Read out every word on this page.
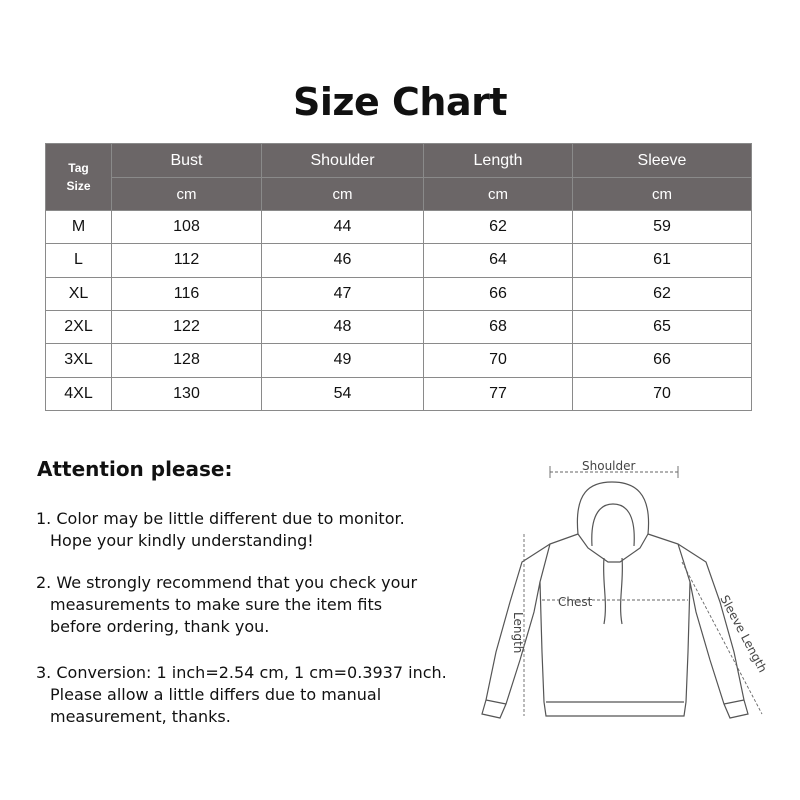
Size Chart
Tag
Size	Bust	Shoulder	Length	Sleeve
	cm	cm	cm	cm
M	108	44	62	59
L	112	46	64	61
XL	116	47	66	62
2XL	122	48	68	65
3XL	128	49	70	66
4XL	130	54	77	70
Attention please:
1. Color may be little different due to monitor.
Hope your kindly understanding!
2. We strongly recommend that you check your
measurements to make sure the item fits
before ordering, thank you.
3. Conversion: 1 inch=2.54 cm, 1 cm=0.3937 inch.
Please allow a little differs due to manual
measurement, thanks.
Shoulder
Length
Chest	Sleeve Length
